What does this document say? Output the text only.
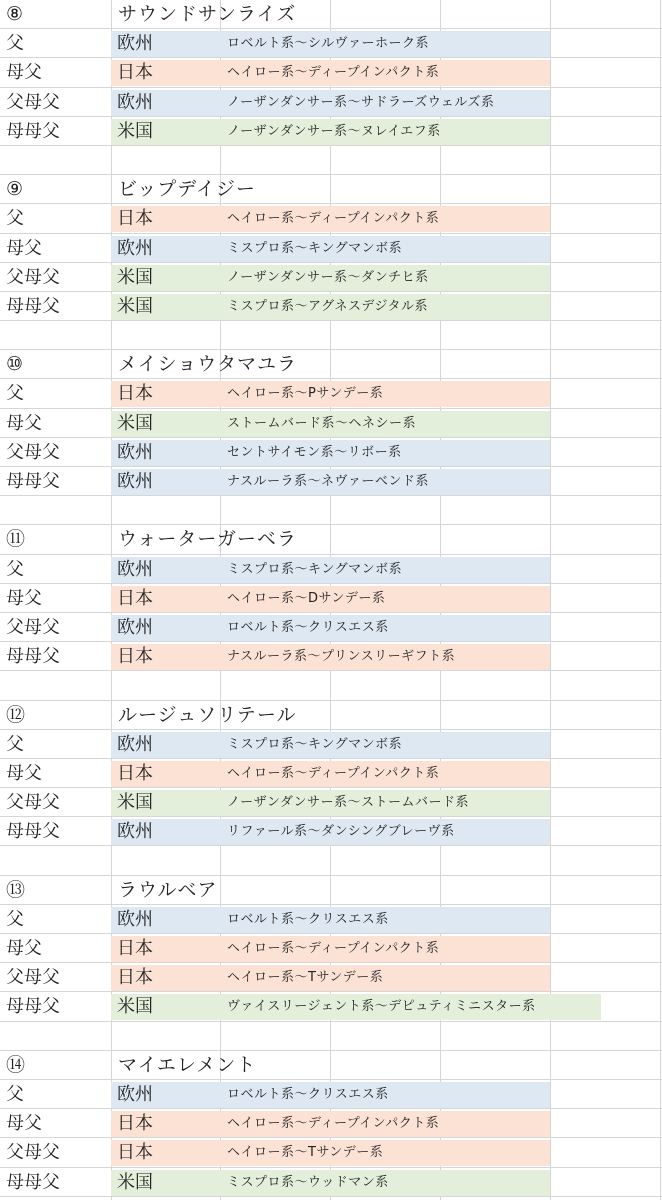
⑧	サウンドサンライズ
父	欧州	ロベルト系～シルヴァーホーク系
母父	日本	ヘイロー系～ディープインパクト系
父母父	欧州	ノーザンダンサー系～サドラーズウェルズ系
母母父	米国	ノーザンダンサー系～ヌレイエフ系
⑨	ビップデイジー
父	日本	ヘイロー系～ディープインパクト系
母父	欧州	ミスプロ系～キングマンボ系
父母父	米国	ノーザンダンサー系～ダンチヒ系
母母父	米国	ミスプロ系～アグネスデジタル系
⑩	メイショウタマユラ
父	日本	ヘイロー系～Pサンデー系
母父	米国	ストームバード系～ヘネシー系
父母父	欧州	セントサイモン系～リボー系
母母父	欧州	ナスルーラ系～ネヴァーベンド系
⑪	ウォーターガーベラ
父	欧州	ミスプロ系～キングマンボ系
母父	日本	ヘイロー系～Dサンデー系
父母父	欧州	ロベルト系～クリスエス系
母母父	日本	ナスルーラ系～プリンスリーギフト系
⑫	ルージュソリテール
父	欧州	ミスプロ系～キングマンボ系
母父	日本	ヘイロー系～ディープインパクト系
父母父	米国	ノーザンダンサー系～ストームバード系
母母父	欧州	リファール系～ダンシングブレーヴ系
⑬	ラウルベア
父	欧州	ロベルト系～クリスエス系
母父	日本	ヘイロー系～ディープインパクト系
父母父	日本	ヘイロー系～Tサンデー系
母母父	米国	ヴァイスリージェント系～デピュティミニスター系
⑭	マイエレメント
父	欧州	ロベルト系～クリスエス系
母父	日本	ヘイロー系～ディープインパクト系
父母父	日本	ヘイロー系～Tサンデー系
母母父	米国	ミスプロ系～ウッドマン系
